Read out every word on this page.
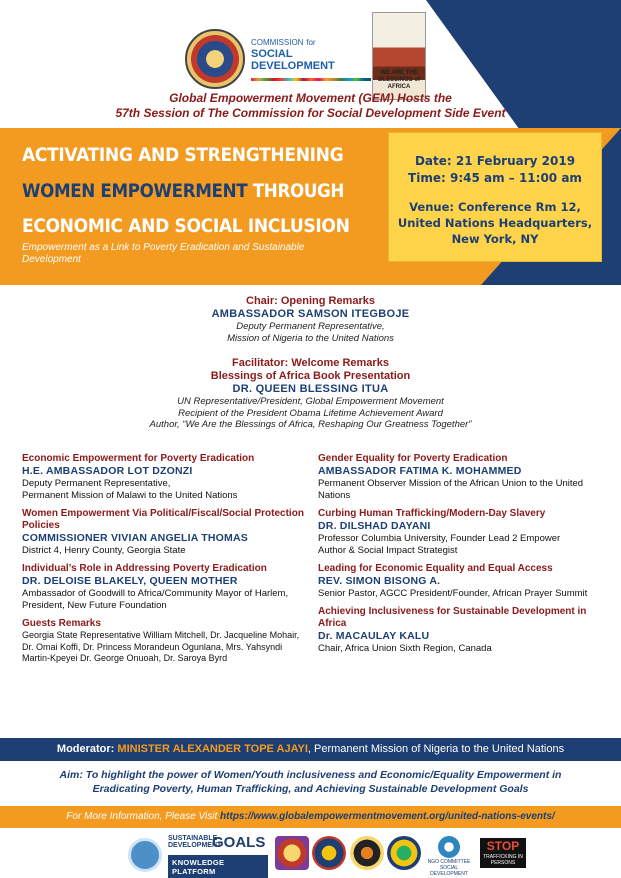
COMMISSION for
SOCIAL DEVELOPMENT
WE ARE THE BLESSINGS of AFRICA
Global Empowerment Movement (GEM) Hosts the
57th Session of The Commission for Social Development Side Event
ACTIVATING AND STRENGTHENING
WOMEN EMPOWERMENT THROUGH
ECONOMIC AND SOCIAL INCLUSION
Empowerment as a Link to Poverty Eradication and Sustainable Development
Date: 21 February 2019
Time: 9:45 am – 11:00 am
Venue: Conference Rm 12,
United Nations Headquarters,
New York, NY
Chair: Opening Remarks
AMBASSADOR SAMSON ITEGBOJE
Deputy Permanent Representative,
Mission of Nigeria to the United Nations
Facilitator: Welcome Remarks
Blessings of Africa Book Presentation
DR. QUEEN BLESSING ITUA
UN Representative/President, Global Empowerment Movement
Recipient of the President Obama Lifetime Achievement Award
Author, “We Are the Blessings of Africa, Reshaping Our Greatness Together”
Economic Empowerment for Poverty Eradication
H.E. AMBASSADOR LOT DZONZI
Deputy Permanent Representative,
Permanent Mission of Malawi to the United Nations
Women Empowerment Via Political/Fiscal/Social Protection Policies
COMMISSIONER VIVIAN ANGELIA THOMAS
District 4, Henry County, Georgia State
Individual’s Role in Addressing Poverty Eradication
DR. DELOISE BLAKELY, QUEEN MOTHER
Ambassador of Goodwill to Africa/Community Mayor of Harlem, President, New Future Foundation
Guests Remarks
Georgia State Representative William Mitchell, Dr. Jacqueline Mohair, Dr. Omai Koffi, Dr. Princess Morandeun Ogunlana, Mrs. Yahsyndi Martin-Kpeyei Dr. George Onuoah, Dr. Saroya Byrd
Gender Equality for Poverty Eradication
AMBASSADOR FATIMA K. MOHAMMED
Permanent Observer Mission of the African Union to the United Nations
Curbing Human Trafficking/Modern-Day Slavery
DR. DILSHAD DAYANI
Professor Columbia University, Founder Lead 2 Empower
Author & Social Impact Strategist
Leading for Economic Equality and Equal Access
REV. SIMON BISONG A.
Senior Pastor, AGCC President/Founder, African Prayer Summit
Achieving Inclusiveness for Sustainable Development in Africa
Dr. MACAULAY KALU
Chair, Africa Union Sixth Region, Canada
Moderator: MINISTER ALEXANDER TOPE AJAYI, Permanent Mission of Nigeria to the United Nations
Aim: To highlight the power of Women/Youth inclusiveness and Economic/Equality Empowerment in
Eradicating Poverty, Human Trafficking, and Achieving Sustainable Development Goals
For More Information, Please Visit https://www.globalempowermentmovement.org/united-nations-events/
SUSTAINABLE
DEVELOPMENT
GOALS
KNOWLEDGE PLATFORM
NGO COMMITTEE SOCIAL DEVELOPMENT
STOP
TRAFFICKING IN PERSONS
